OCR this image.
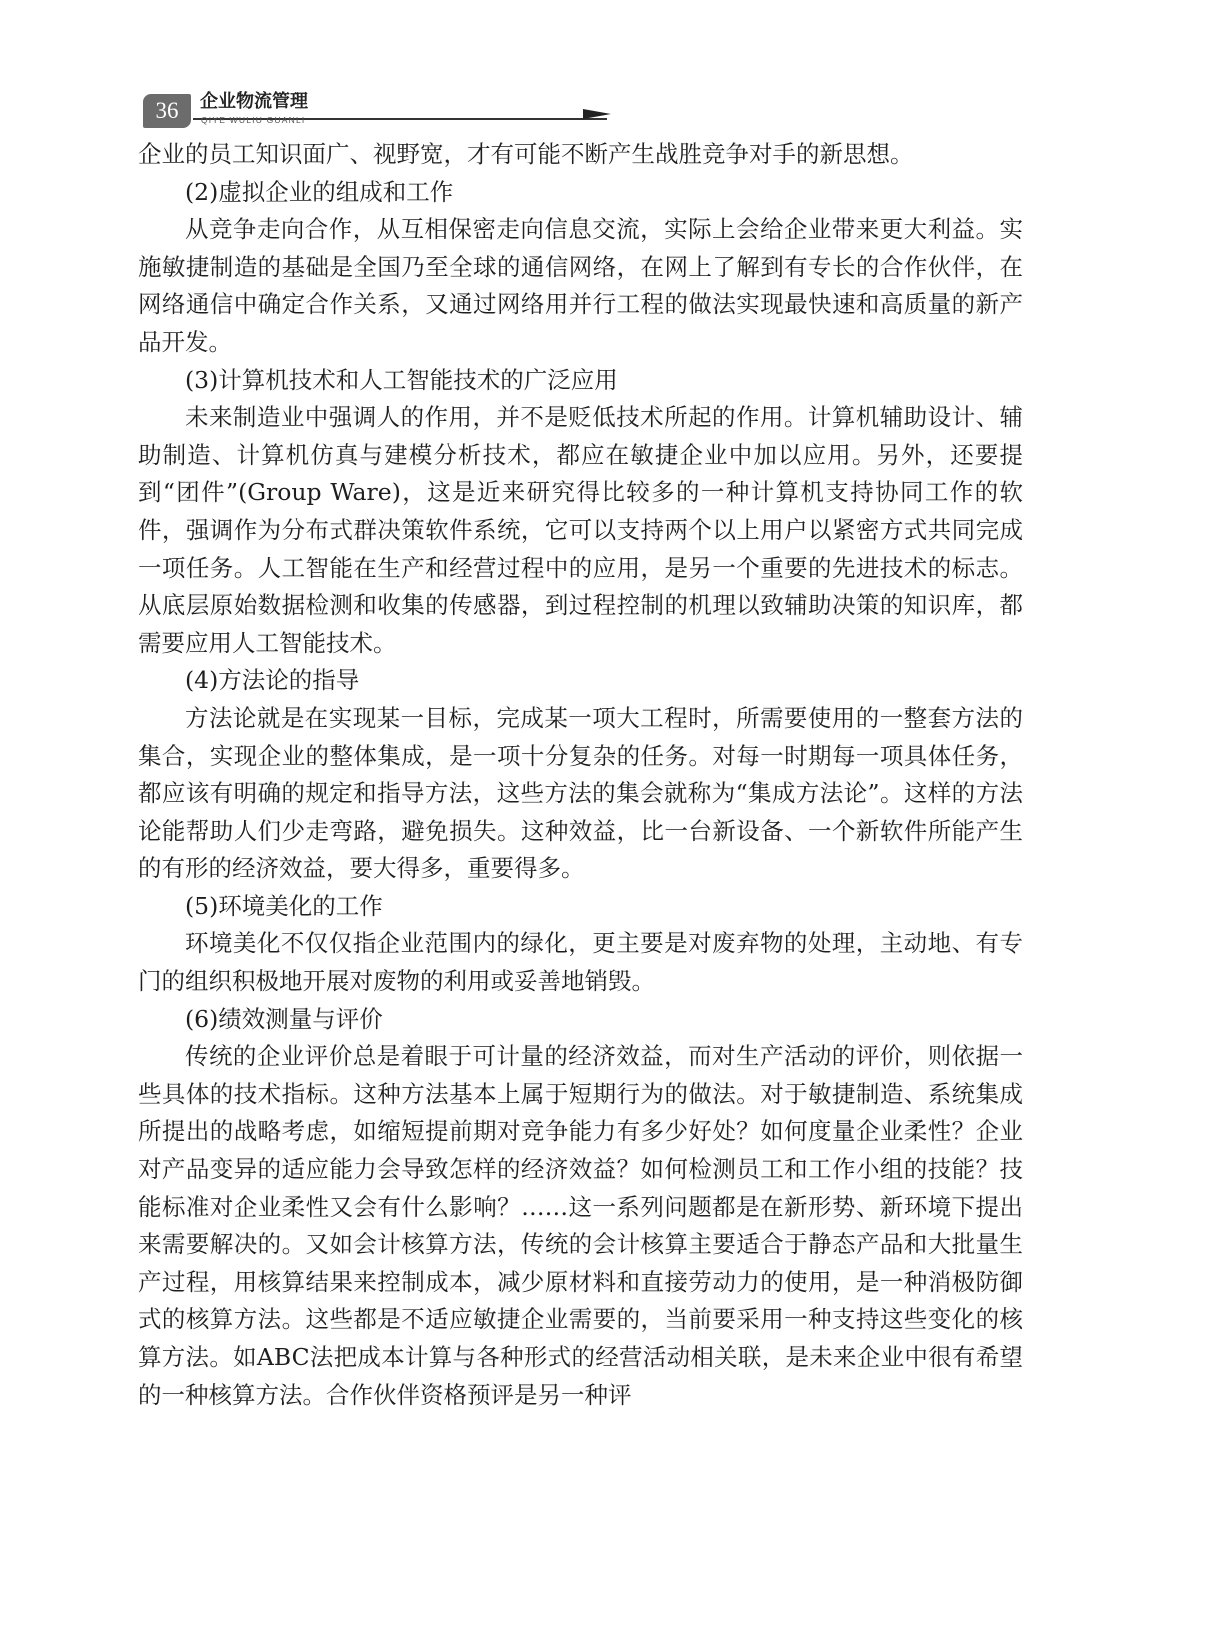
36	企业物流管理
QIYE WULIU GUANLI

企业的员工知识面广、视野宽，才有可能不断产生战胜竞争对手的新思想。

(2)虚拟企业的组成和工作

从竞争走向合作，从互相保密走向信息交流，实际上会给企业带来更大利益。实施敏捷制造的基础是全国乃至全球的通信网络，在网上了解到有专长的合作伙伴，在网络通信中确定合作关系，又通过网络用并行工程的做法实现最快速和高质量的新产品开发。

(3)计算机技术和人工智能技术的广泛应用

未来制造业中强调人的作用，并不是贬低技术所起的作用。计算机辅助设计、辅助制造、计算机仿真与建模分析技术，都应在敏捷企业中加以应用。另外，还要提到“团件”(Group Ware)，这是近来研究得比较多的一种计算机支持协同工作的软件，强调作为分布式群决策软件系统，它可以支持两个以上用户以紧密方式共同完成一项任务。人工智能在生产和经营过程中的应用，是另一个重要的先进技术的标志。从底层原始数据检测和收集的传感器，到过程控制的机理以致辅助决策的知识库，都需要应用人工智能技术。

(4)方法论的指导

方法论就是在实现某一目标，完成某一项大工程时，所需要使用的一整套方法的集合，实现企业的整体集成，是一项十分复杂的任务。对每一时期每一项具体任务，都应该有明确的规定和指导方法，这些方法的集会就称为“集成方法论”。这样的方法论能帮助人们少走弯路，避免损失。这种效益，比一台新设备、一个新软件所能产生的有形的经济效益，要大得多，重要得多。

(5)环境美化的工作

环境美化不仅仅指企业范围内的绿化，更主要是对废弃物的处理，主动地、有专门的组织积极地开展对废物的利用或妥善地销毁。

(6)绩效测量与评价

传统的企业评价总是着眼于可计量的经济效益，而对生产活动的评价，则依据一些具体的技术指标。这种方法基本上属于短期行为的做法。对于敏捷制造、系统集成所提出的战略考虑，如缩短提前期对竞争能力有多少好处？如何度量企业柔性？企业对产品变异的适应能力会导致怎样的经济效益？如何检测员工和工作小组的技能？技能标准对企业柔性又会有什么影响？……这一系列问题都是在新形势、新环境下提出来需要解决的。又如会计核算方法，传统的会计核算主要适合于静态产品和大批量生产过程，用核算结果来控制成本，减少原材料和直接劳动力的使用，是一种消极防御式的核算方法。这些都是不适应敏捷企业需要的，当前要采用一种支持这些变化的核算方法。如ABC法把成本计算与各种形式的经营活动相关联，是未来企业中很有希望的一种核算方法。合作伙伴资格预评是另一种评
